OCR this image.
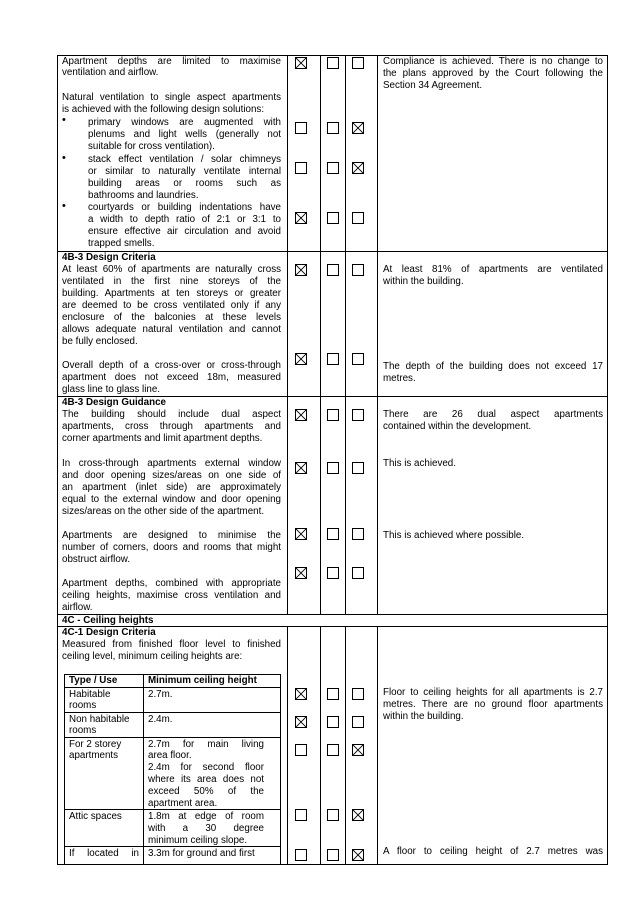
Apartment depths are limited to maximise
ventilation and airflow.
Natural ventilation to single aspect apartments
is achieved with the following design solutions:
• primary windows are augmented with
plenums and light wells (generally not
suitable for cross ventilation).
• stack effect ventilation / solar chimneys
or similar to naturally ventilate internal
building areas or rooms such as
bathrooms and laundries.
• courtyards or building indentations have
a width to depth ratio of 2:1 or 3:1 to
ensure effective air circulation and avoid
trapped smells.
Compliance is achieved. There is no change to
the plans approved by the Court following the
Section 34 Agreement.
4B-3 Design Criteria
At least 60% of apartments are naturally cross
ventilated in the first nine storeys of the
building. Apartments at ten storeys or greater
are deemed to be cross ventilated only if any
enclosure of the balconies at these levels
allows adequate natural ventilation and cannot
be fully enclosed.
Overall depth of a cross-over or cross-through
apartment does not exceed 18m, measured
glass line to glass line.
At least 81% of apartments are ventilated
within the building.
The depth of the building does not exceed 17
metres.
4B-3 Design Guidance
The building should include dual aspect
apartments, cross through apartments and
corner apartments and limit apartment depths.
In cross-through apartments external window
and door opening sizes/areas on one side of
an apartment (inlet side) are approximately
equal to the external window and door opening
sizes/areas on the other side of the apartment.
Apartments are designed to minimise the
number of corners, doors and rooms that might
obstruct airflow.
Apartment depths, combined with appropriate
ceiling heights, maximise cross ventilation and
airflow.
There are 26 dual aspect apartments
contained within the development.
This is achieved.
This is achieved where possible.
4C - Ceiling heights
4C-1 Design Criteria
Measured from finished floor level to finished
ceiling level, minimum ceiling heights are:
Type / Use	Minimum ceiling height
Habitable
rooms
2.7m.
Non habitable
rooms
2.4m.
For 2 storey
apartments
2.7m for main living
area floor.
2.4m for second floor
where its area does not
exceed 50% of the
apartment area.
Attic spaces	1.8m at edge of room
with a 30 degree
minimum ceiling slope.
If located in 3.3m for ground and first
Floor to ceiling heights for all apartments is 2.7
metres. There are no ground floor apartments
within the building.
A floor to ceiling height of 2.7 metres was
